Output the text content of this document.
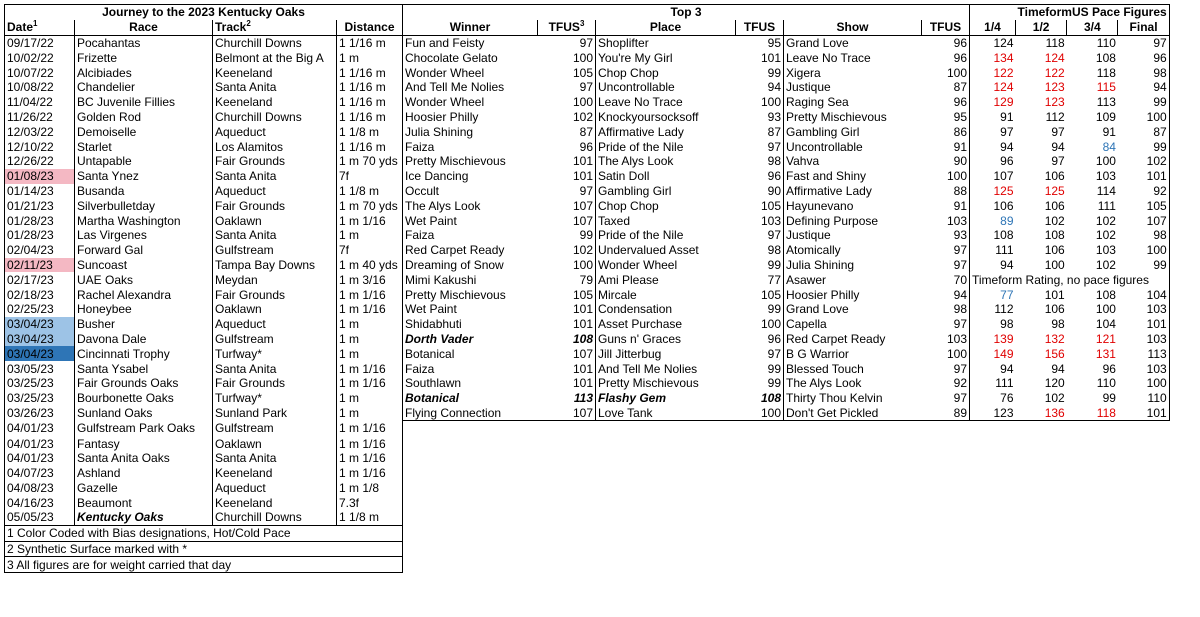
Journey to the 2023 Kentucky Oaks				Top 3							TimeformUS Pace Figures		
Date$^1$	Race	Track$^2$	Distance	Winner	TFUS$^3$	Place	TFUS	Show	TFUS	1/4	1/2	3/4	Final
09/17/22	Pocahantas	Churchill Downs	1 1/16 m	Fun and Feisty	97	Shoplifter	95	Grand Love	96	124	118	110	97
10/02/22	Frizette	Belmont at the Big A	1 m	Chocolate Gelato	100	You're My Girl	101	Leave No Trace	96	134	124	108	96
10/07/22	Alcibiades	Keeneland	1 1/16 m	Wonder Wheel	105	Chop Chop	99	Xigera	100	122	122	118	98
10/08/22	Chandelier	Santa Anita	1 1/16 m	And Tell Me Nolies	97	Uncontrollable	94	Justique	87	124	123	115	94
11/04/22	BC Juvenile Fillies	Keeneland	1 1/16 m	Wonder Wheel	100	Leave No Trace	100	Raging Sea	96	129	123	113	99
11/26/22	Golden Rod	Churchill Downs	1 1/16 m	Hoosier Philly	102	Knockyoursocksoff	93	Pretty Mischievous	95	91	112	109	100
12/03/22	Demoiselle	Aqueduct	1 1/8 m	Julia Shining	87	Affirmative Lady	87	Gambling Girl	86	97	97	91	87
12/10/22	Starlet	Los Alamitos	1 1/16 m	Faiza	96	Pride of the Nile	97	Uncontrollable	91	94	94	84	99
12/26/22	Untapable	Fair Grounds	1 m 70 yds	Pretty Mischievous	101	The Alys Look	98	Vahva	90	96	97	100	102
01/08/23	Santa Ynez	Santa Anita	7f	Ice Dancing	101	Satin Doll	96	Fast and Shiny	100	107	106	103	101
01/14/23	Busanda	Aqueduct	1 1/8 m	Occult	97	Gambling Girl	90	Affirmative Lady	88	125	125	114	92
01/21/23	Silverbulletday	Fair Grounds	1 m 70 yds	The Alys Look	107	Chop Chop	105	Hayunevano	91	106	106	111	105
01/28/23	Martha Washington	Oaklawn	1 m 1/16	Wet Paint	107	Taxed	103	Defining Purpose	103	89	102	102	107
01/28/23	Las Virgenes	Santa Anita	1 m	Faiza	99	Pride of the Nile	97	Justique	93	108	108	102	98
02/04/23	Forward Gal	Gulfstream	7f	Red Carpet Ready	102	Undervalued Asset	98	Atomically	97	111	106	103	100
02/11/23	Suncoast	Tampa Bay Downs	1 m 40 yds	Dreaming of Snow	100	Wonder Wheel	99	Julia Shining	97	94	100	102	99
02/17/23	UAE Oaks	Meydan	1 m 3/16	Mimi Kakushi	79	Ami Please	77	Asawer	70	Timeform Rating, no pace figures			
02/18/23	Rachel Alexandra	Fair Grounds	1 m 1/16	Pretty Mischievous	105	Mircale	105	Hoosier Philly	94	77	101	108	104
02/25/23	Honeybee	Oaklawn	1 m 1/16	Wet Paint	101	Condensation	99	Grand Love	98	112	106	100	103
03/04/23	Busher	Aqueduct	1 m	Shidabhuti	101	Asset Purchase	100	Capella	97	98	98	104	101
03/04/23	Davona Dale	Gulfstream	1 m	Dorth Vader	108	Guns n' Graces	96	Red Carpet Ready	103	139	132	121	103
03/04/23	Cincinnati Trophy	Turfway*	1 m	Botanical	107	Jill Jitterbug	97	B G Warrior	100	149	156	131	113
03/05/23	Santa Ysabel	Santa Anita	1 m 1/16	Faiza	101	And Tell Me Nolies	99	Blessed Touch	97	94	94	96	103
03/25/23	Fair Grounds Oaks	Fair Grounds	1 m 1/16	Southlawn	101	Pretty Mischievous	99	The Alys Look	92	111	120	110	100
03/25/23	Bourbonette Oaks	Turfway*	1 m	Botanical	113	Flashy Gem	108	Thirty Thou Kelvin	97	76	102	99	110
03/26/23	Sunland Oaks	Sunland Park	1 m	Flying Connection	107	Love Tank	100	Don't Get Pickled	89	123	136	118	101
04/01/23	Gulfstream Park Oaks	Gulfstream	1 m 1/16										
04/01/23	Fantasy	Oaklawn	1 m 1/16										
04/01/23	Santa Anita Oaks	Santa Anita	1 m 1/16										
04/07/23	Ashland	Keeneland	1 m 1/16										
04/08/23	Gazelle	Aqueduct	1 m 1/8										
04/16/23	Beaumont	Keeneland	7.3f										
05/05/23	Kentucky Oaks	Churchill Downs	1 1/8 m										
1 Color Coded with Bias designations, Hot/Cold Pace													
2 Synthetic Surface marked with *													
3 All figures are for weight carried that day													
